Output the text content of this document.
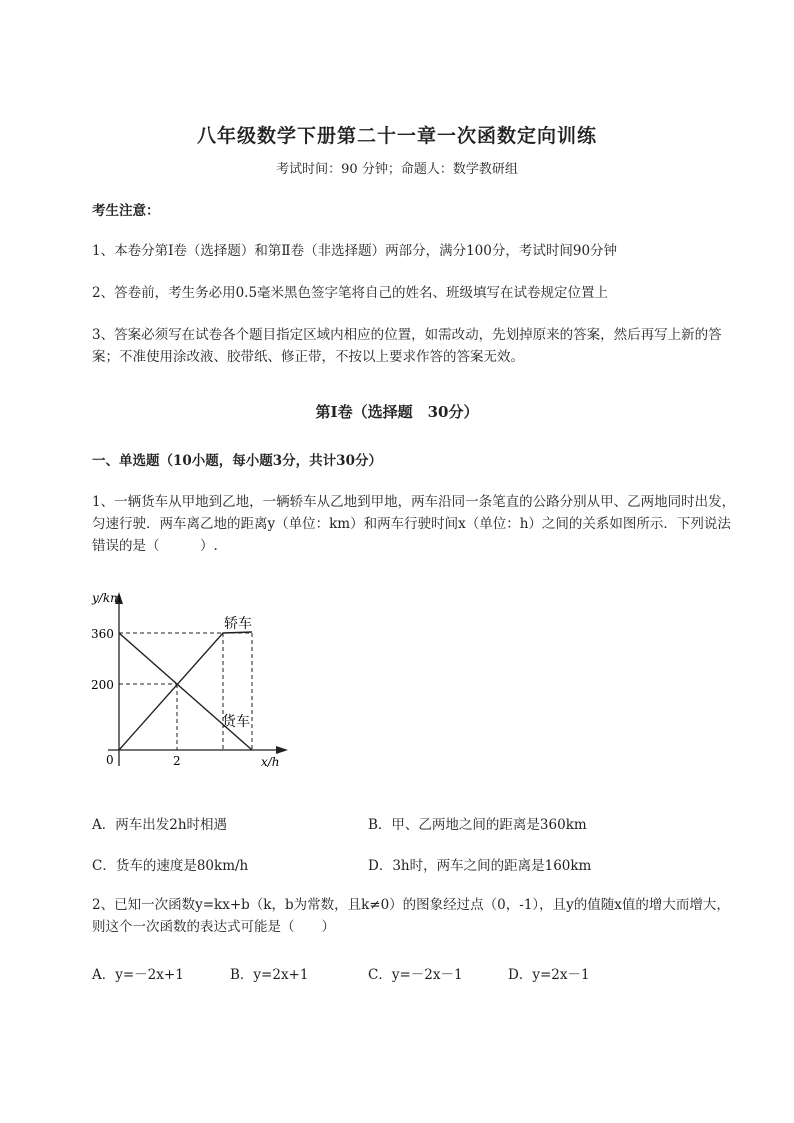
八年级数学下册第二十一章一次函数定向训练
考试时间：90 分钟；命题人：数学教研组
考生注意：
1、本卷分第Ⅰ卷（选择题）和第Ⅱ卷（非选择题）两部分，满分100分，考试时间90分钟
2、答卷前，考生务必用0.5毫米黑色签字笔将自己的姓名、班级填写在试卷规定位置上
3、答案必须写在试卷各个题目指定区域内相应的位置，如需改动，先划掉原来的答案，然后再写上新的答案；不准使用涂改液、胶带纸、修正带，不按以上要求作答的答案无效。
第Ⅰ卷（选择题　30分）
一、单选题（10小题，每小题3分，共计30分）
1、一辆货车从甲地到乙地，一辆轿车从乙地到甲地，两车沿同一条笔直的公路分别从甲、乙两地同时出发，匀速行驶．两车离乙地的距离y（单位：km）和两车行驶时间x（单位：h）之间的关系如图所示．下列说法错误的是（　　　）.
y/km
x/h
0
360
200
2
轿车
货车
A．两车出发2h时相遇	B．甲、乙两地之间的距离是360km
C．货车的速度是80km/h	D．3h时，两车之间的距离是160km
2、已知一次函数y=kx+b（k，b为常数，且k≠0）的图象经过点（0，-1），且y的值随x值的增大而增大，则这个一次函数的表达式可能是（　　）
A．y=－2x+1	B．y=2x+1	C．y=－2x－1	D．y=2x－1
